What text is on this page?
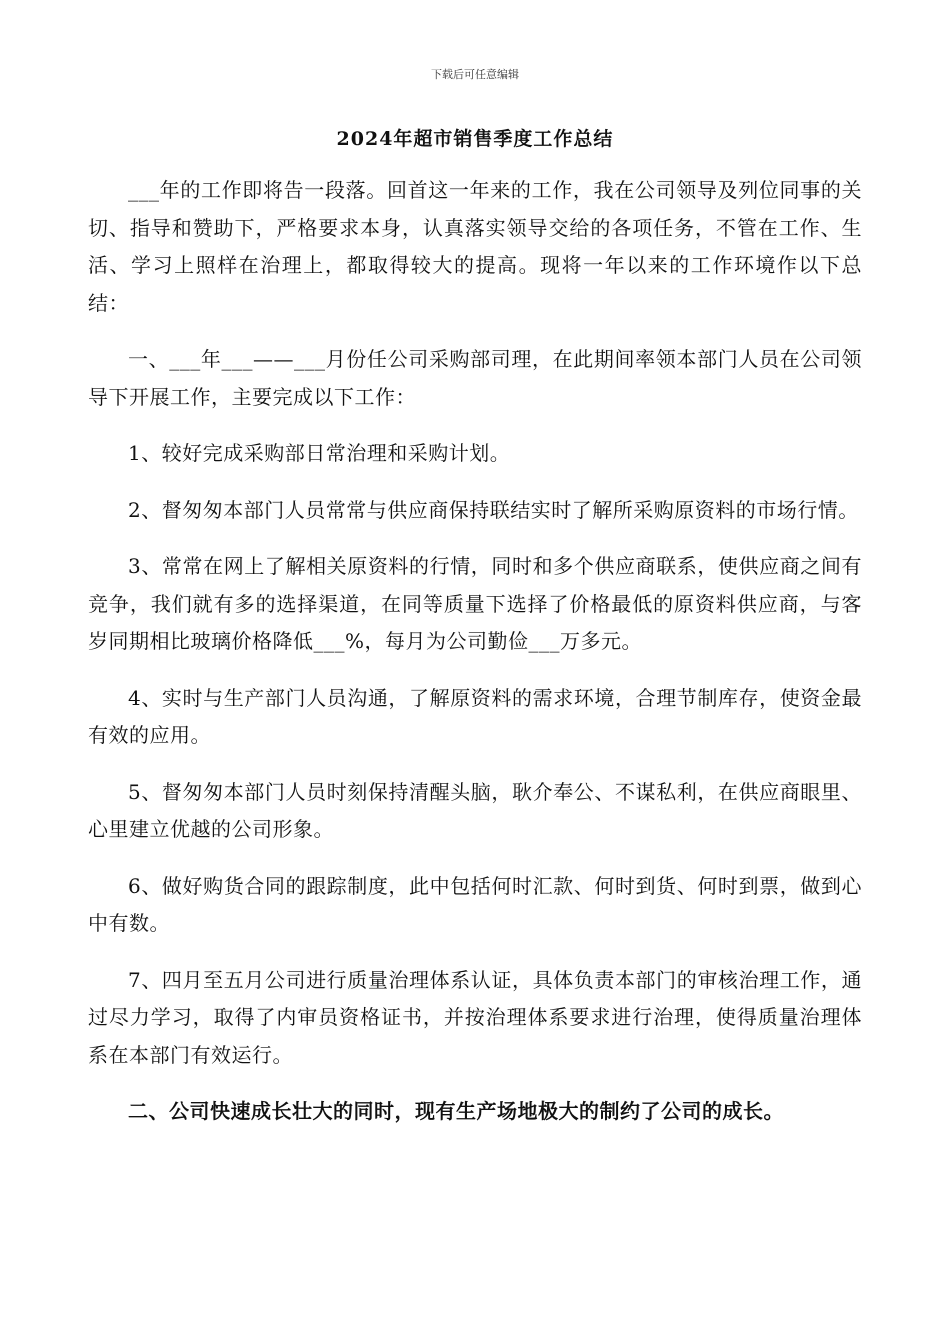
下载后可任意编辑
2024年超市销售季度工作总结

___年的工作即将告一段落。回首这一年来的工作，我在公司领导及列位同事的关切、指导和赞助下，严格要求本身，认真落实领导交给的各项任务，不管在工作、生活、学习上照样在治理上，都取得较大的提高。现将一年以来的工作环境作以下总结：

一、___年___——___月份任公司采购部司理，在此期间率领本部门人员在公司领导下开展工作，主要完成以下工作：

1、较好完成采购部日常治理和采购计划。

2、督匆匆本部门人员常常与供应商保持联结实时了解所采购原资料的市场行情。

3、常常在网上了解相关原资料的行情，同时和多个供应商联系，使供应商之间有竞争，我们就有多的选择渠道，在同等质量下选择了价格最低的原资料供应商，与客岁同期相比玻璃价格降低___%，每月为公司勤俭___万多元。

4、实时与生产部门人员沟通，了解原资料的需求环境，合理节制库存，使资金最有效的应用。

5、督匆匆本部门人员时刻保持清醒头脑，耿介奉公、不谋私利，在供应商眼里、心里建立优越的公司形象。

6、做好购货合同的跟踪制度，此中包括何时汇款、何时到货、何时到票，做到心中有数。

7、四月至五月公司进行质量治理体系认证，具体负责本部门的审核治理工作，通过尽力学习，取得了内审员资格证书，并按治理体系要求进行治理，使得质量治理体系在本部门有效运行。

二、公司快速成长壮大的同时，现有生产场地极大的制约了公司的成长。
